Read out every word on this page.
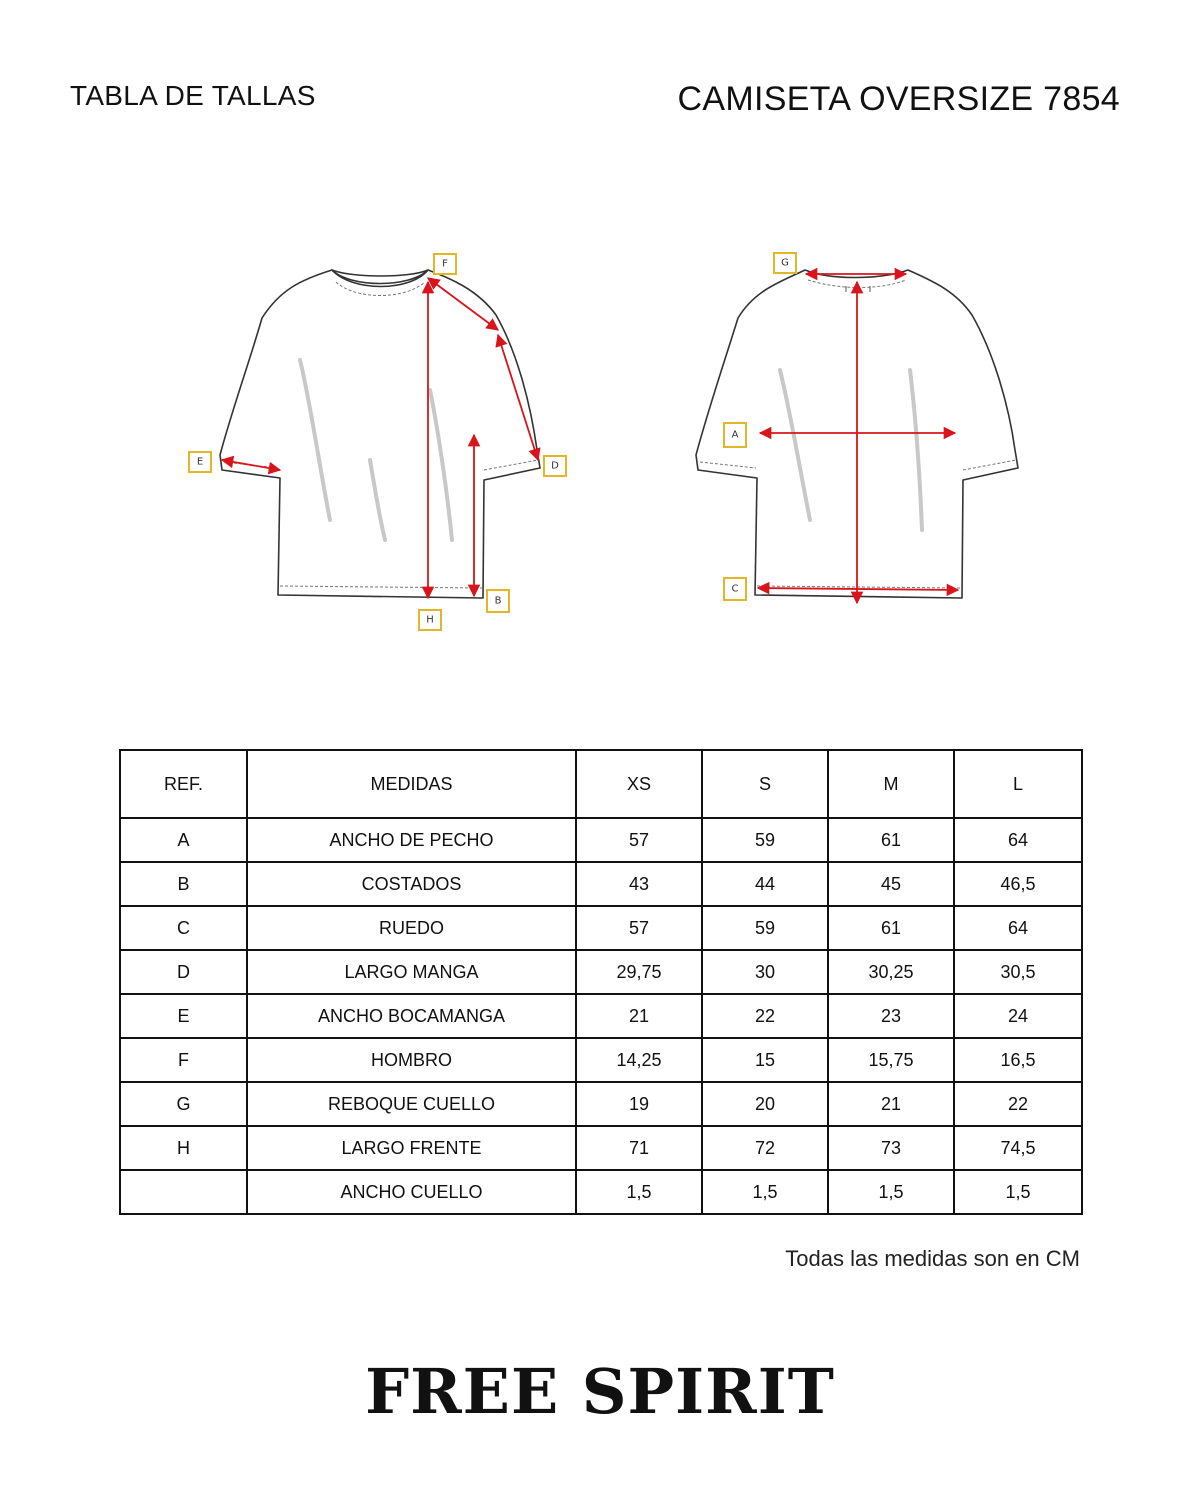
TABLA DE TALLAS	CAMISETA OVERSIZE 7854
F
E	D
B
H
G
A
C
REF.	MEDIDAS	XS	S	M	L
A	ANCHO DE PECHO	57	59	61	64
B	COSTADOS	43	44	45	46,5
C	RUEDO	57	59	61	64
D	LARGO MANGA	29,75	30	30,25	30,5
E	ANCHO BOCAMANGA	21	22	23	24
F	HOMBRO	14,25	15	15,75	16,5
G	REBOQUE CUELLO	19	20	21	22
H	LARGO FRENTE	71	72	73	74,5
	ANCHO CUELLO	1,5	1,5	1,5	1,5
Todas las medidas son en CM
FREE SPIRIT
